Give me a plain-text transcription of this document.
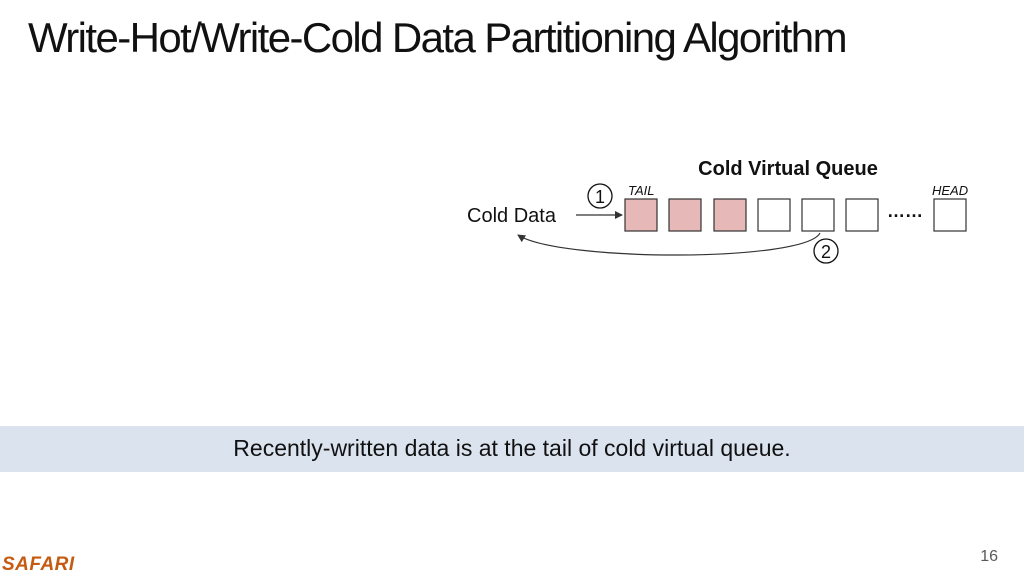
Write-Hot/Write-Cold Data Partitioning Algorithm
Cold Virtual Queue
TAIL	HEAD
Cold Data
1
……
2
Recently-written data is at the tail of cold virtual queue.
SAFARI	16
